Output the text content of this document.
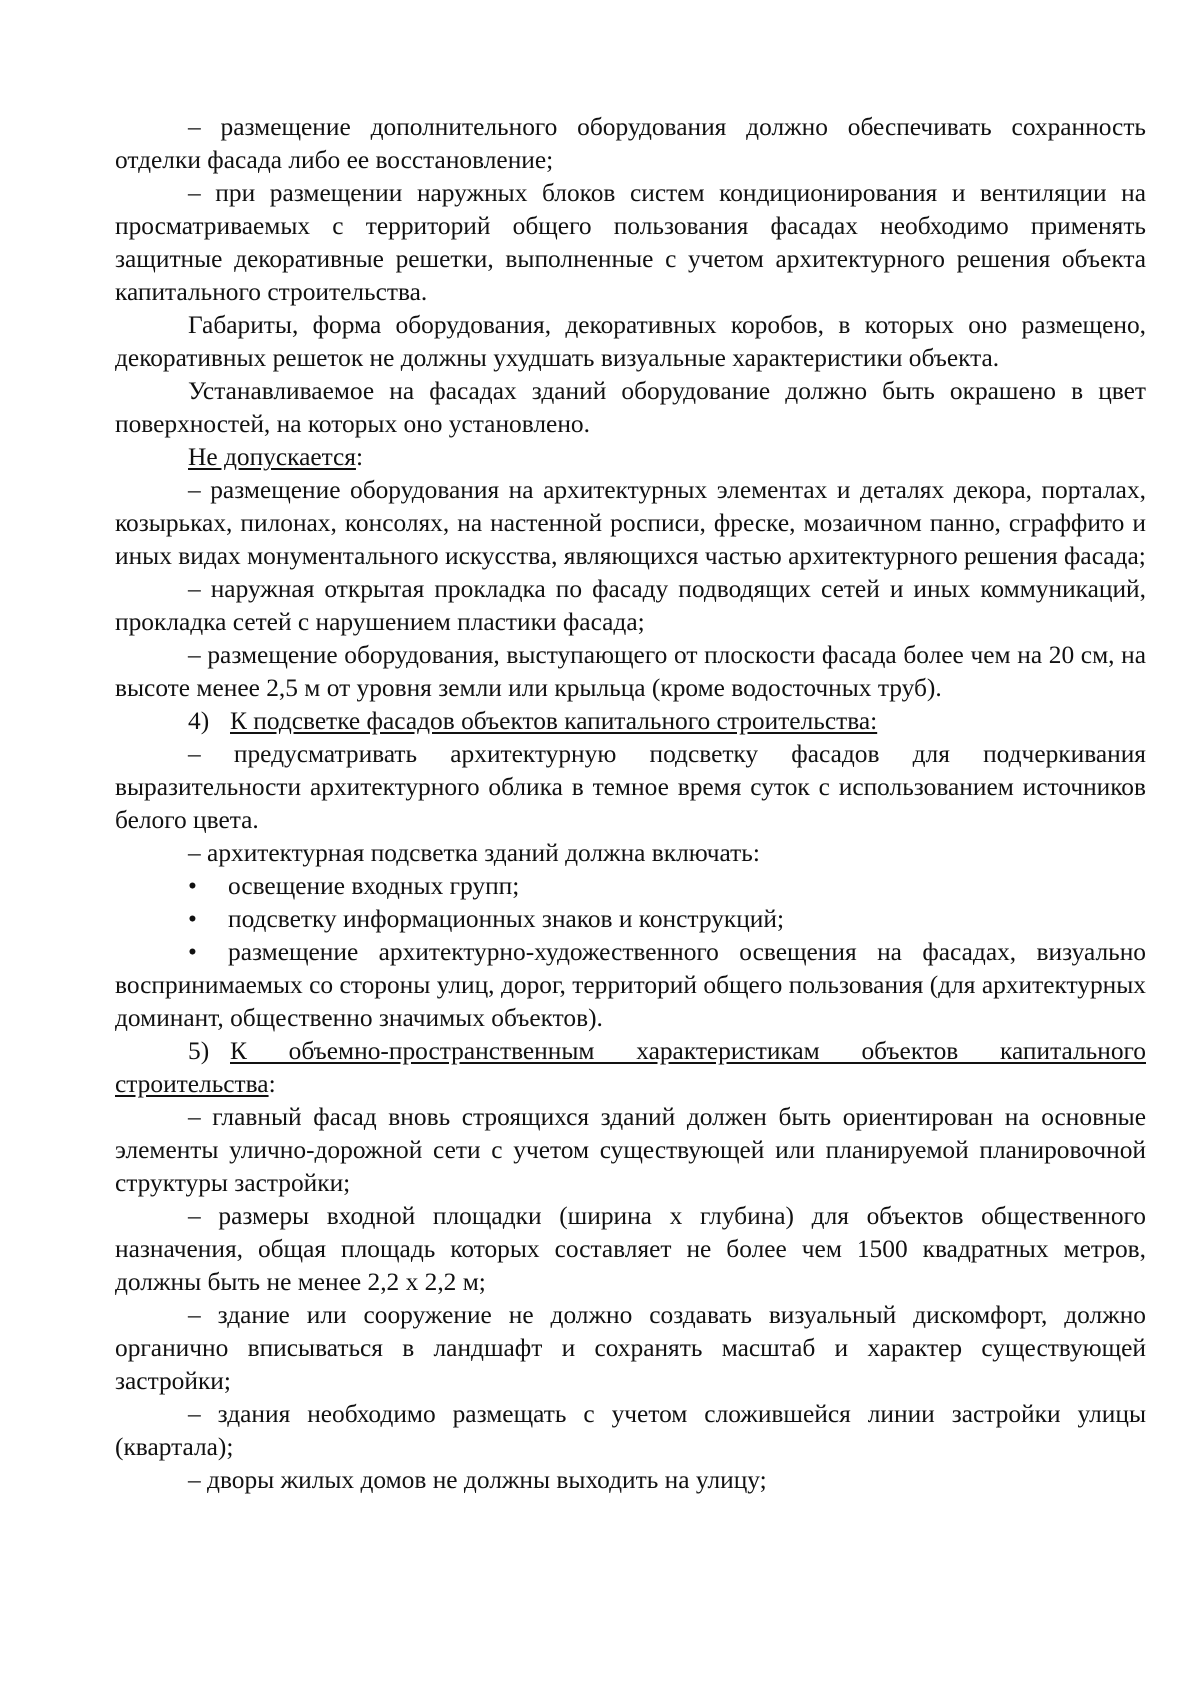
– размещение дополнительного оборудования должно обеспечивать сохранность отделки фасада либо ее восстановление;

– при размещении наружных блоков систем кондиционирования и вентиляции на просматриваемых с территорий общего пользования фасадах необходимо применять защитные декоративные решетки, выполненные с учетом архитектурного решения объекта капитального строительства.

Габариты, форма оборудования, декоративных коробов, в которых оно размещено, декоративных решеток не должны ухудшать визуальные характеристики объекта.

Устанавливаемое на фасадах зданий оборудование должно быть окрашено в цвет поверхностей, на которых оно установлено.

Не допускается:

– размещение оборудования на архитектурных элементах и деталях декора, порталах, козырьках, пилонах, консолях, на настенной росписи, фреске, мозаичном панно, сграффито и иных видах монументального искусства, являющихся частью архитектурного решения фасада;

– наружная открытая прокладка по фасаду подводящих сетей и иных коммуникаций, прокладка сетей с нарушением пластики фасада;

– размещение оборудования, выступающего от плоскости фасада более чем на 20 см, на высоте менее 2,5 м от уровня земли или крыльца (кроме водосточных труб).

4) К подсветке фасадов объектов капитального строительства:

– предусматривать архитектурную подсветку фасадов для подчеркивания выразительности архитектурного облика в темное время суток с использованием источников белого цвета.

– архитектурная подсветка зданий должна включать:

• освещение входных групп;

• подсветку информационных знаков и конструкций;

• размещение архитектурно-художественного освещения на фасадах, визуально воспринимаемых со стороны улиц, дорог, территорий общего пользования (для архитектурных доминант, общественно значимых объектов).

5) К объемно-пространственным характеристикам объектов капитального строительства:

– главный фасад вновь строящихся зданий должен быть ориентирован на основные элементы улично-дорожной сети с учетом существующей или планируемой планировочной структуры застройки;

– размеры входной площадки (ширина х глубина) для объектов общественного назначения, общая площадь которых составляет не более чем 1500 квадратных метров, должны быть не менее 2,2 х 2,2 м;

– здание или сооружение не должно создавать визуальный дискомфорт, должно органично вписываться в ландшафт и сохранять масштаб и характер существующей застройки;

– здания необходимо размещать с учетом сложившейся линии застройки улицы (квартала);

– дворы жилых домов не должны выходить на улицу;
